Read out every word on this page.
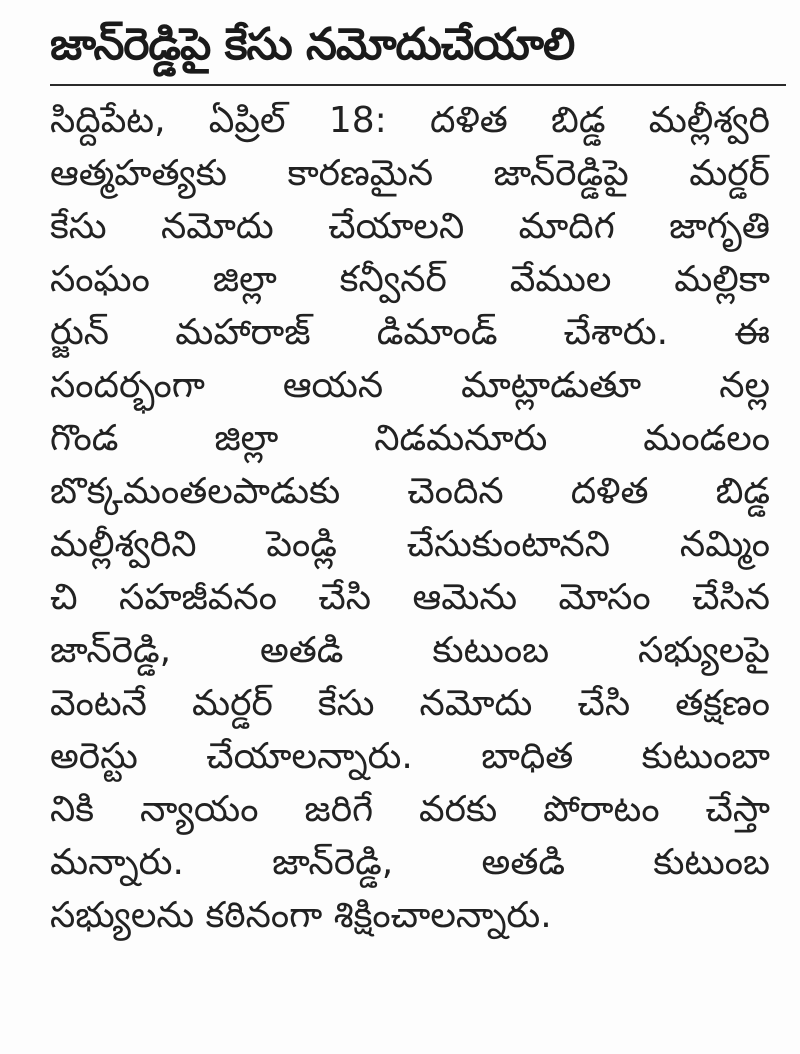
జాన్‌రెడ్డిపై కేసు నమోదుచేయాలి
సిద్దిపేట, ఏప్రిల్ 18: దళిత బిడ్డ మల్లీశ్వరి
ఆత్మహత్యకు కారణమైన జాన్‌రెడ్డిపై మర్డర్
కేసు నమోదు చేయాలని మాదిగ జాగృతి
సంఘం జిల్లా కన్వీనర్ వేముల మల్లికా
ర్జున్ మహారాజ్ డిమాండ్ చేశారు. ఈ
సందర్భంగా ఆయన మాట్లాడుతూ నల్ల
గొండ జిల్లా నిడమనూరు మండలం
బొక్కమంతలపాడుకు చెందిన దళిత బిడ్డ
మల్లీశ్వరిని పెండ్లి చేసుకుంటానని నమ్మిం
చి సహజీవనం చేసి ఆమెను మోసం చేసిన
జాన్‌రెడ్డి, అతడి కుటుంబ సభ్యులపై
వెంటనే మర్డర్ కేసు నమోదు చేసి తక్షణం
అరెస్టు చేయాలన్నారు. బాధిత కుటుంబా
నికి న్యాయం జరిగే వరకు పోరాటం చేస్తా
మన్నారు. జాన్‌రెడ్డి, అతడి కుటుంబ
సభ్యులను కఠినంగా శిక్షించాలన్నారు.
